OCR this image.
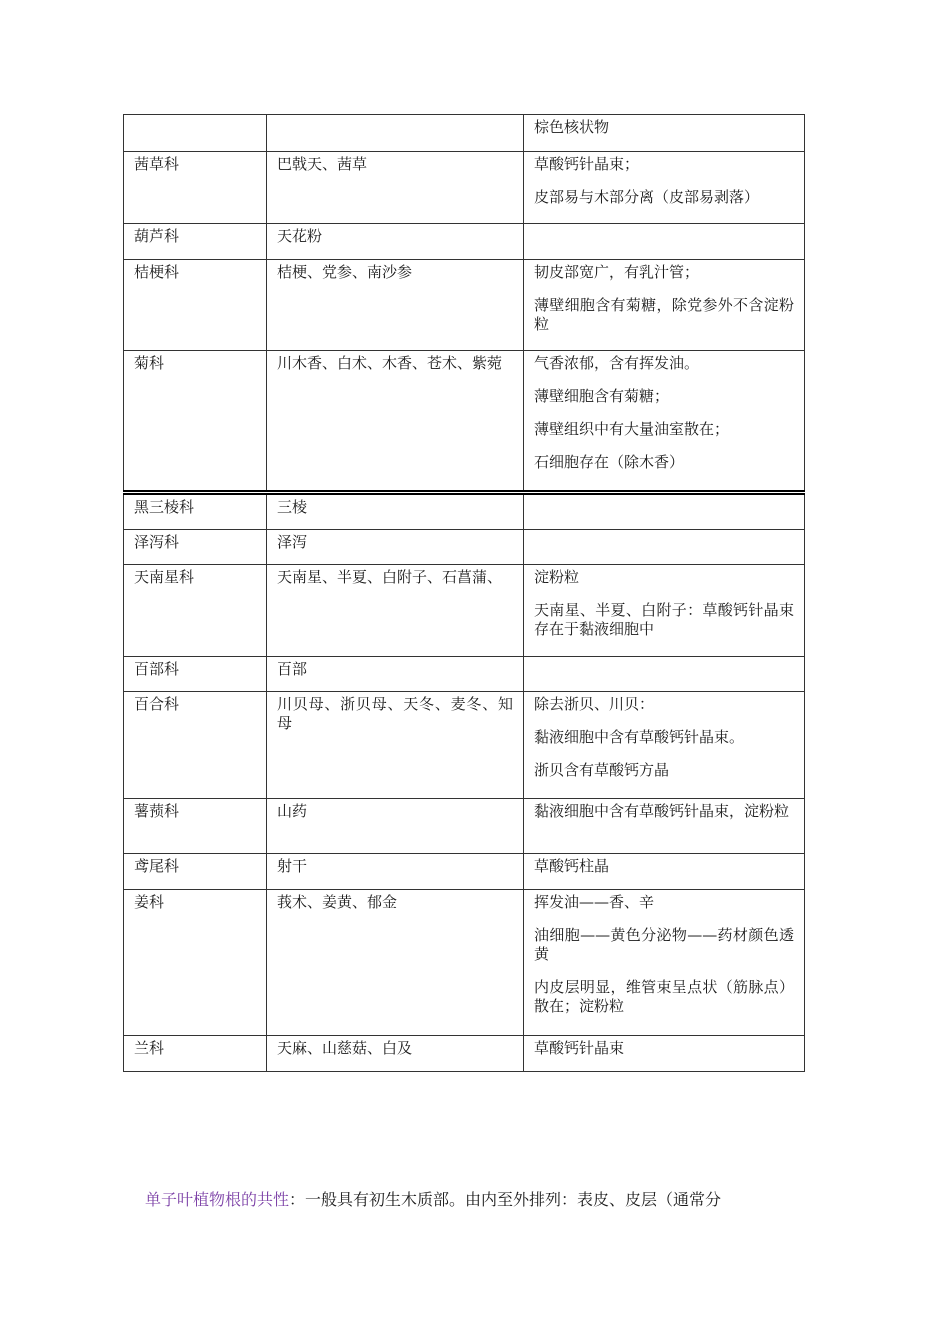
		棕色核状物

茜草科	巴戟天、茜草	草酸钙针晶束；
皮部易与木部分离（皮部易剥落）

葫芦科	天花粉	

桔梗科	桔梗、党参、南沙参	韧皮部宽广，有乳汁管；
薄壁细胞含有菊糖，除党参外不含淀粉粒

菊科	川木香、白术、木香、苍术、紫菀	气香浓郁，含有挥发油。
薄壁细胞含有菊糖；
薄壁组织中有大量油室散在；
石细胞存在（除木香）

黑三棱科	三棱	

泽泻科	泽泻	

天南星科	天南星、半夏、白附子、石菖蒲、	淀粉粒
天南星、半夏、白附子：草酸钙针晶束存在于黏液细胞中

百部科	百部	

百合科	川贝母、浙贝母、天冬、麦冬、知母	除去浙贝、川贝：
黏液细胞中含有草酸钙针晶束。
浙贝含有草酸钙方晶

薯蓣科	山药	黏液细胞中含有草酸钙针晶束，淀粉粒

鸢尾科	射干	草酸钙柱晶

姜科	莪术、姜黄、郁金	挥发油——香、辛
油细胞——黄色分泌物——药材颜色透黄
内皮层明显，维管束呈点状（筋脉点）散在；淀粉粒

兰科	天麻、山慈菇、白及	草酸钙针晶束

单子叶植物根的共性：一般具有初生木质部。由内至外排列：表皮、皮层（通常分
